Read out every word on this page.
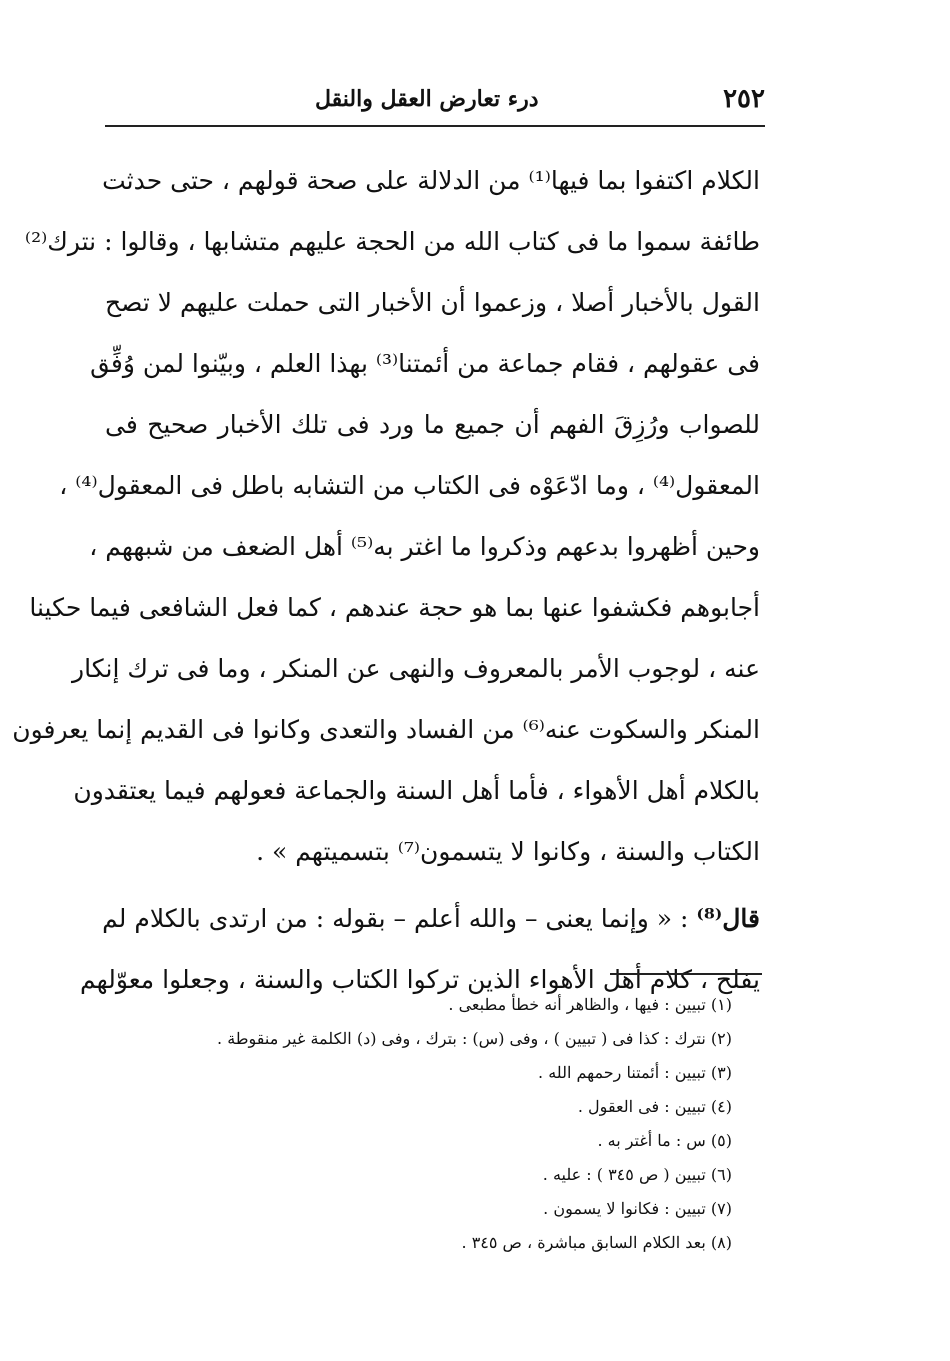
٢٥٢
درء تعارض العقل والنقل
الكلام اكتفوا بما فيها⁽¹⁾ من الدلالة على صحة قولهم ، حتى حدثت
طائفة سموا ما فى كتاب الله من الحجة عليهم متشابها ، وقالوا : نترك⁽²⁾
القول بالأخبار أصلا ، وزعموا أن الأخبار التى حملت عليهم لا تصح
فى عقولهم ، فقام جماعة من أئمتنا⁽³⁾ بهذا العلم ، وبيّنوا لمن وُفِّق
للصواب ورُزِقَ الفهم أن جميع ما ورد فى تلك الأخبار صحيح فى
المعقول⁽⁴⁾ ، وما ادّعَوْه فى الكتاب من التشابه باطل فى المعقول⁽⁴⁾ ،
وحين أظهروا بدعهم وذكروا ما اغتر به⁽⁵⁾ أهل الضعف من شبههم ،
أجابوهم فكشفوا عنها بما هو حجة عندهم ، كما فعل الشافعى فيما حكينا
عنه ، لوجوب الأمر بالمعروف والنهى عن المنكر ، وما فى ترك إنكار
المنكر والسكوت عنه⁽⁶⁾ من الفساد والتعدى وكانوا فى القديم إنما يعرفون
بالكلام أهل الأهواء ، فأما أهل السنة والجماعة فعولهم فيما يعتقدون
الكتاب والسنة ، وكانوا لا يتسمون⁽⁷⁾ بتسميتهم » .
قال⁽⁸⁾ : « وإنما يعنى – والله أعلم – بقوله : من ارتدى بالكلام لم
يفلح ، كلام أهل الأهواء الذين تركوا الكتاب والسنة ، وجعلوا معوّلهم
(١) تبيين : فيها ، والظاهر أنه خطأ مطبعى .
(٢) نترك : كذا فى ( تبيين ) ، وفى (س) : بترك ، وفى (د) الكلمة غير منقوطة .
(٣) تبيين : أئمتنا رحمهم الله .
(٤) تبيين : فى العقول .
(٥) س : ما أغتر به .
(٦) تبيين ( ص ٣٤٥ ) : عليه .
(٧) تبيين : فكانوا لا يسمون .
(٨) بعد الكلام السابق مباشرة ، ص ٣٤٥ .
